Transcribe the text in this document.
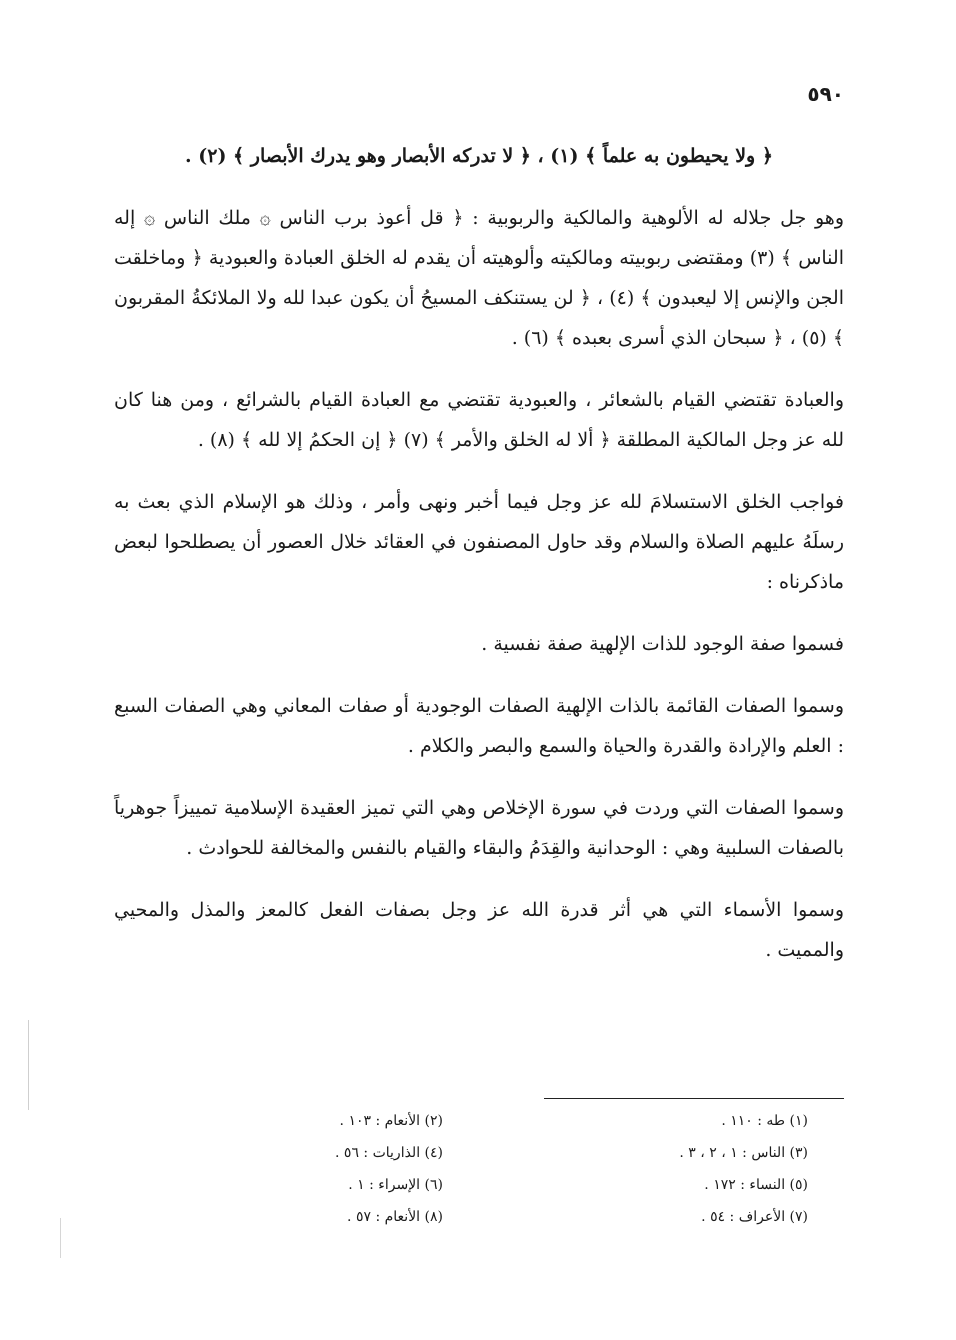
٥٩٠

﴿ ولا يحيطون به علماً ﴾ (١) ، ﴿ لا تدركه الأبصار وهو يدرك الأبصار ﴾ (٢) .

وهو جل جلاله له الألوهية والمالكية والربوبية : ﴿ قل أعوذ برب الناس ۞ ملك الناس ۞ إله الناس ﴾ (٣) ومقتضى ربوبيته ومالكيته وألوهيته أن يقدم له الخلق العبادة والعبودية ﴿ وماخلقت الجن والإنس إلا ليعبدون ﴾ (٤) ، ﴿ لن يستنكف المسيحُ أن يكون عبدا لله ولا الملائكةُ المقربون ﴾ (٥) ، ﴿ سبحان الذي أسرى بعبده ﴾ (٦) .

والعبادة تقتضي القيام بالشعائر ، والعبودية تقتضي مع العبادة القيام بالشرائع ، ومن هنا كان لله عز وجل المالكية المطلقة ﴿ ألا له الخلق والأمر ﴾ (٧) ﴿ إن الحكمُ إلا لله ﴾ (٨) .

فواجب الخلق الاستسلامَ لله عز وجل فيما أخبر ونهى وأمر ، وذلك هو الإسلام الذي بعث به رسلَهُ عليهم الصلاة والسلام وقد حاول المصنفون في العقائد خلال العصور أن يصطلحوا لبعض ماذكرناه :

فسموا صفة الوجود للذات الإلهية صفة نفسية .

وسموا الصفات القائمة بالذات الإلهية الصفات الوجودية أو صفات المعاني وهي الصفات السبع : العلم والإرادة والقدرة والحياة والسمع والبصر والكلام .

وسموا الصفات التي وردت في سورة الإخلاص وهي التي تميز العقيدة الإسلامية تمييزاً جوهرياً بالصفات السلبية وهي : الوحدانية والقِدَمُ والبقاء والقيام بالنفس والمخالفة للحوادث .

وسموا الأسماء التي هي أثر قدرة الله عز وجل بصفات الفعل كالمعز والمذل والمحيي والمميت .

(١) طه : ١١٠ .
(٢) الأنعام : ١٠٣ .
(٣) الناس : ١ ، ٢ ، ٣ .
(٤) الذاريات : ٥٦ .
(٥) النساء : ١٧٢ .
(٦) الإسراء : ١ .
(٧) الأعراف : ٥٤ .
(٨) الأنعام : ٥٧ .
